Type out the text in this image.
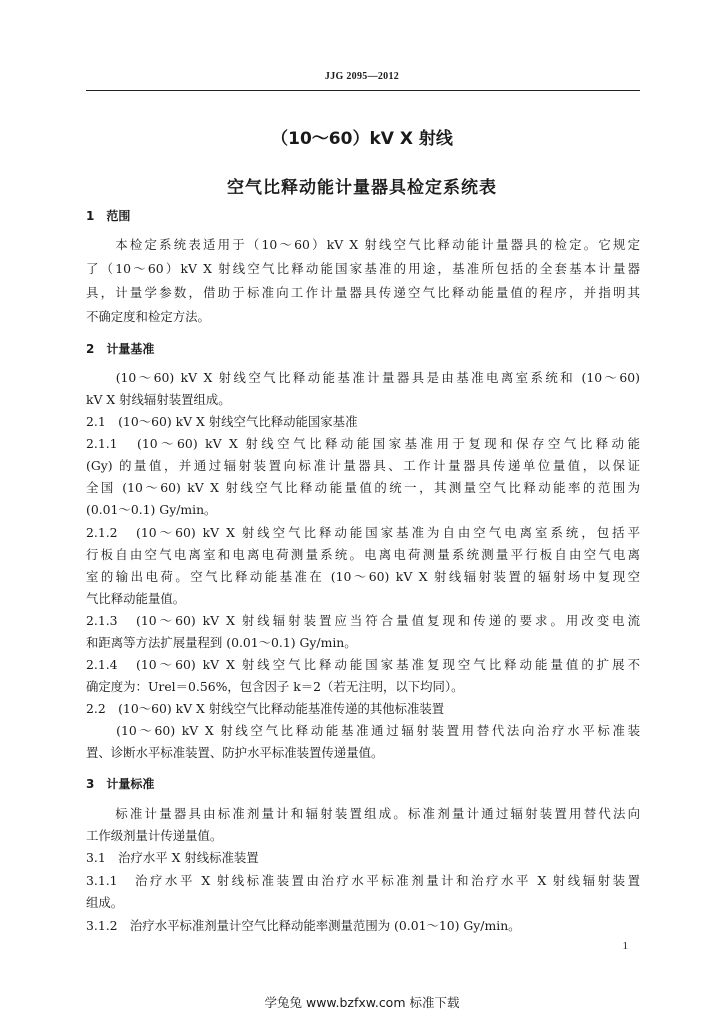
JJG 2095—2012
（10～60）kV X 射线
空气比释动能计量器具检定系统表
1　范围
　　本检定系统表适用于（10～60）kV X 射线空气比释动能计量器具的检定。它规定
了（10～60）kV X 射线空气比释动能国家基准的用途，基准所包括的全套基本计量器
具，计量学参数，借助于标准向工作计量器具传递空气比释动能量值的程序，并指明其
不确定度和检定方法。
2　计量基准
　　(10～60) kV X 射线空气比释动能基准计量器具是由基准电离室系统和 (10～60)
kV X 射线辐射装置组成。
2.1　(10～60) kV X 射线空气比释动能国家基准
2.1.1　(10～60) kV X 射线空气比释动能国家基准用于复现和保存空气比释动能
(Gy) 的量值，并通过辐射装置向标准计量器具、工作计量器具传递单位量值，以保证
全国 (10～60) kV X 射线空气比释动能量值的统一，其测量空气比释动能率的范围为
(0.01～0.1) Gy/min。
2.1.2　(10～60) kV X 射线空气比释动能国家基准为自由空气电离室系统，包括平
行板自由空气电离室和电离电荷测量系统。电离电荷测量系统测量平行板自由空气电离
室的输出电荷。空气比释动能基准在 (10～60) kV X 射线辐射装置的辐射场中复现空
气比释动能量值。
2.1.3　(10～60) kV X 射线辐射装置应当符合量值复现和传递的要求。用改变电流
和距离等方法扩展量程到 (0.01～0.1) Gy/min。
2.1.4　(10～60) kV X 射线空气比释动能国家基准复现空气比释动能量值的扩展不
确定度为：Urel＝0.56%，包含因子 k＝2（若无注明，以下均同）。
2.2　(10～60) kV X 射线空气比释动能基准传递的其他标准装置
　　(10～60) kV X 射线空气比释动能基准通过辐射装置用替代法向治疗水平标准装
置、诊断水平标准装置、防护水平标准装置传递量值。
3　计量标准
　　标准计量器具由标准剂量计和辐射装置组成。标准剂量计通过辐射装置用替代法向
工作级剂量计传递量值。
3.1　治疗水平 X 射线标准装置
3.1.1　治疗水平 X 射线标准装置由治疗水平标准剂量计和治疗水平 X 射线辐射装置
组成。
3.1.2　治疗水平标准剂量计空气比释动能率测量范围为 (0.01～10) Gy/min。
1
学兔兔 www.bzfxw.com 标准下载
